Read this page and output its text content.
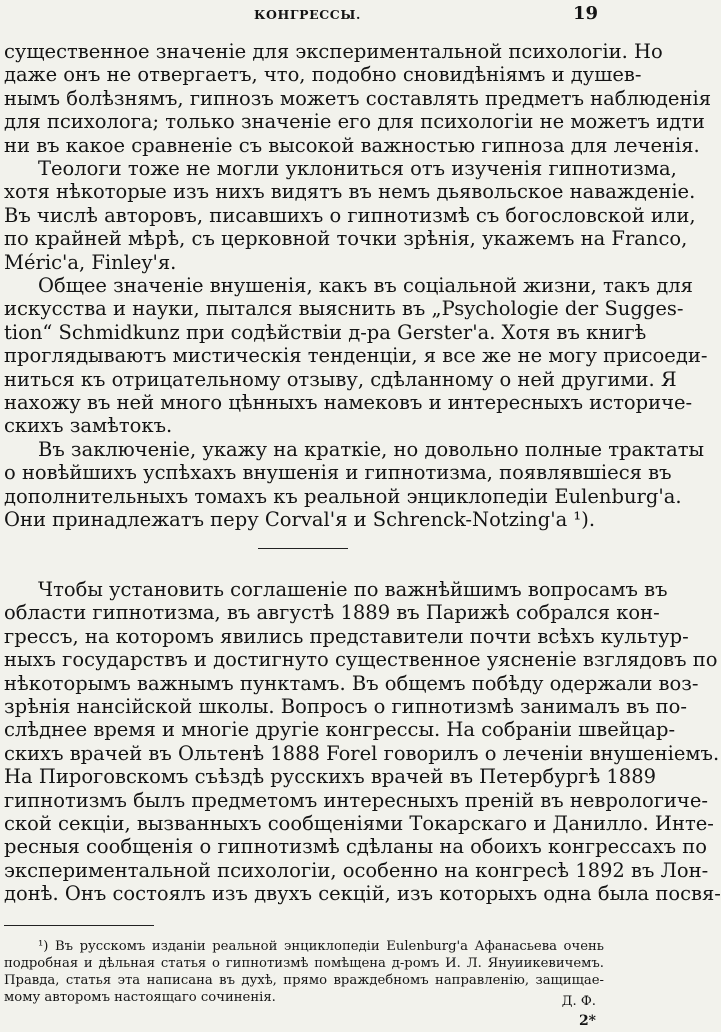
КОНГРЕССЫ.	19
существенное значенiе для экспериментальной психологiи. Но
даже онъ не отвергаетъ, что, подобно сновидѣнiямъ и душев-
нымъ болѣзнямъ, гипнозъ можетъ составлять предметъ наблюденiя
для психолога; только значенiе его для психологiи не можетъ идти
ни въ какое сравненiе съ высокой важностью гипноза для леченiя.
Теологи тоже не могли уклониться отъ изученiя гипнотизма,
хотя нѣкоторые изъ нихъ видятъ въ немъ дьявольское наважденiе.
Въ числѣ авторовъ, писавшихъ о гипнотизмѣ съ богословской или,
по крайней мѣрѣ, съ церковной точки зрѣнiя, укажемъ на Franco,
Méric'а, Finley'я.
Общее значенiе внушенiя, какъ въ соцiальной жизни, такъ для
искусства и науки, пытался выяснить въ „Psychologie der Sugges-
tion“ Schmidkunz при содѣйствiи д-ра Gerster'а. Хотя въ книгѣ
проглядываютъ мистическiя тенденцiи, я все же не могу присоеди-
ниться къ отрицательному отзыву, сдѣланному о ней другими. Я
нахожу въ ней много цѣнныхъ намековъ и интересныхъ историче-
скихъ замѣтокъ.
Въ заключенiе, укажу на краткiе, но довольно полные трактаты
о новѣйшихъ успѣхахъ внушенiя и гипнотизма, появлявшiеся въ
дополнительныхъ томахъ къ реальной энциклопедiи Eulenburg'а.
Они принадлежатъ перу Corval'я и Schrenck-Notzing'а ¹).
Чтобы установить соглашенiе по важнѣйшимъ вопросамъ въ
области гипнотизма, въ августѣ 1889 въ Парижѣ собрался кон-
грессъ, на которомъ явились представители почти всѣхъ культур-
ныхъ государствъ и достигнуто существенное уясненiе взглядовъ по
нѣкоторымъ важнымъ пунктамъ. Въ общемъ побѣду одержали воз-
зрѣнiя нансiйской школы. Вопросъ о гипнотизмѣ занималъ въ по-
слѣднее время и многiе другiе конгрессы. На собранiи швейцар-
скихъ врачей въ Ольтенѣ 1888 Forel говорилъ о леченiи внушенiемъ.
На Пироговскомъ съѣздѣ русскихъ врачей въ Петербургѣ 1889
гипнотизмъ былъ предметомъ интересныхъ пренiй въ неврологиче-
ской секцiи, вызванныхъ сообщенiями Токарскаго и Данилло. Инте-
ресныя сообщенiя о гипнотизмѣ сдѣланы на обоихъ конгрессахъ по
экспериментальной психологiи, особенно на конгресѣ 1892 въ Лон-
донѣ. Онъ состоялъ изъ двухъ секцiй, изъ которыхъ одна была посвя-
¹) Въ русскомъ изданiи реальной энциклопедiи Eulenburg'а Афанасьева очень
подробная и дѣльная статья о гипнотизмѣ помѣщена д-ромъ И. Л. Януиикевичемъ.
Правда, статья эта написана въ духѣ, прямо враждебномъ направленiю, защищае-
мому авторомъ настоящаго сочиненiя.	Д. Ф.
2*
